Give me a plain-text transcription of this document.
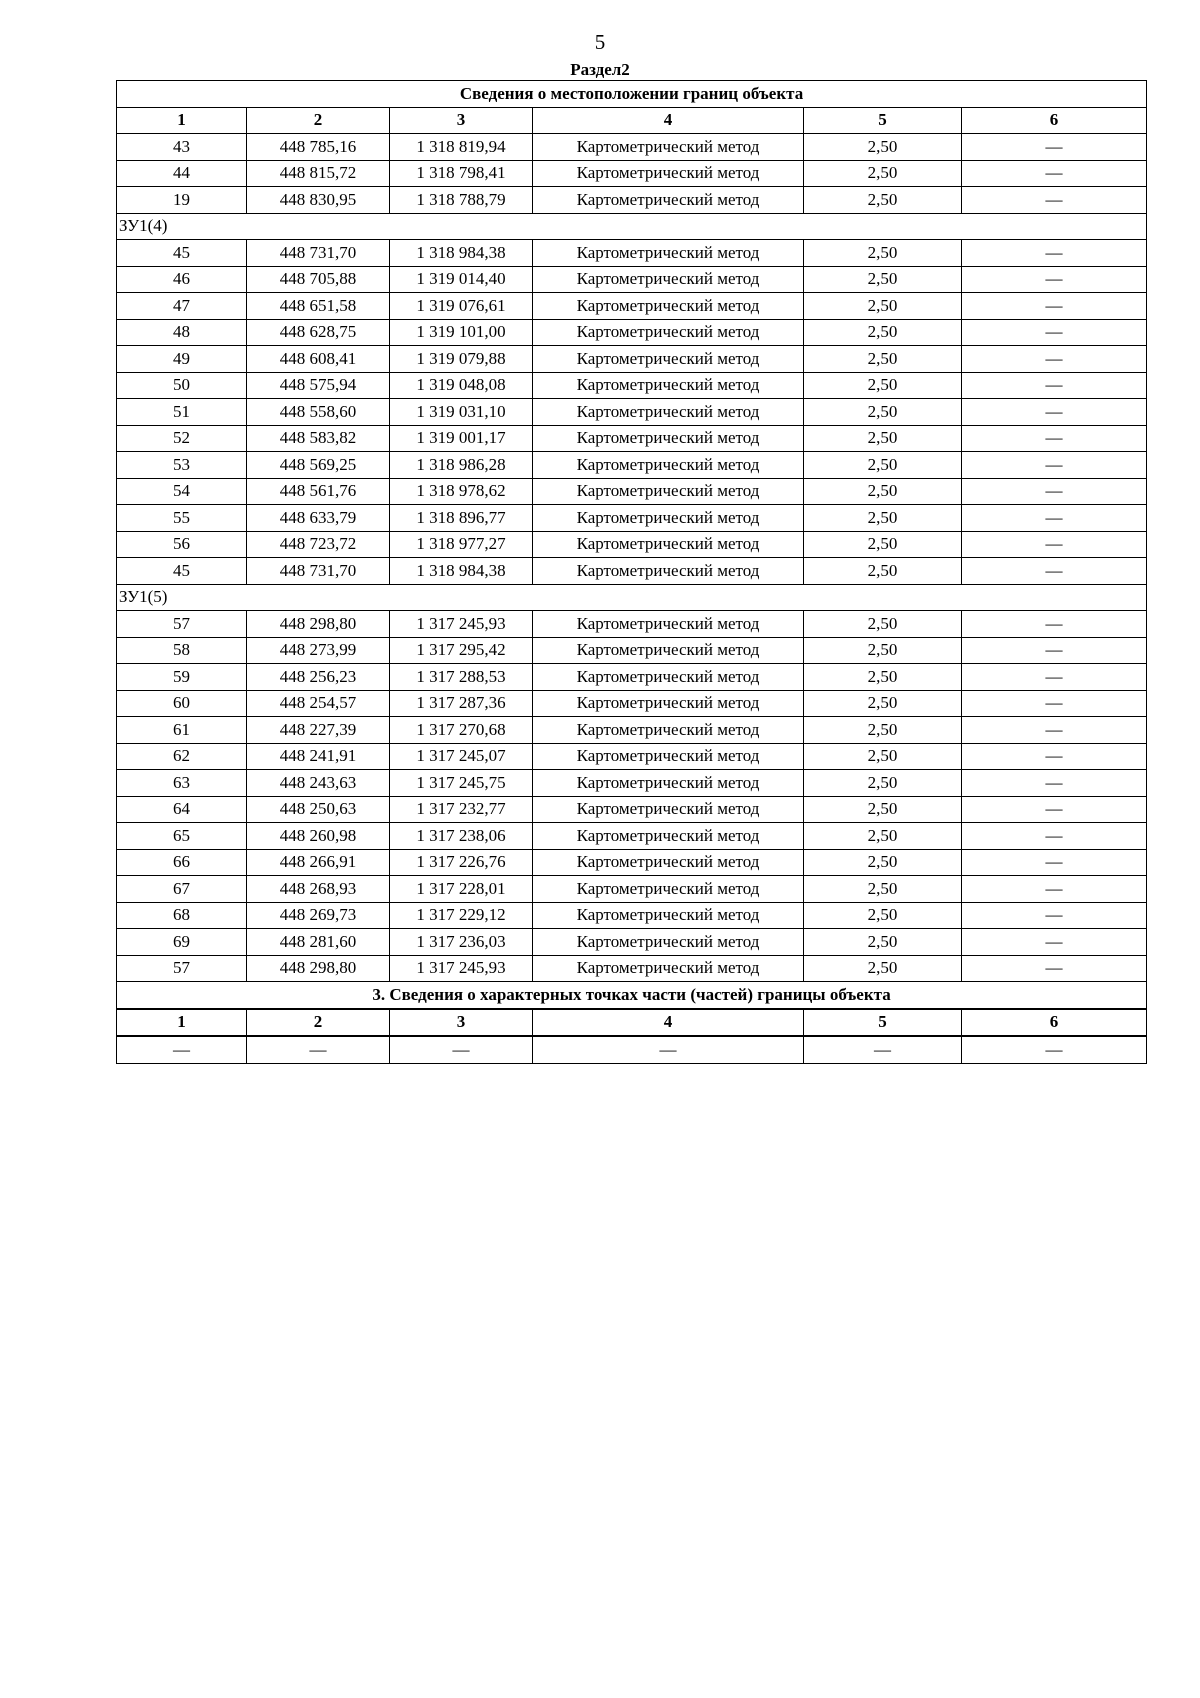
5
Раздел2
Сведения о местоположении границ объекта					
1	2	3	4	5	6
43	448 785,16	1 318 819,94	Картометрический метод	2,50	—
44	448 815,72	1 318 798,41	Картометрический метод	2,50	—
19	448 830,95	1 318 788,79	Картометрический метод	2,50	—
ЗУ1(4)					
45	448 731,70	1 318 984,38	Картометрический метод	2,50	—
46	448 705,88	1 319 014,40	Картометрический метод	2,50	—
47	448 651,58	1 319 076,61	Картометрический метод	2,50	—
48	448 628,75	1 319 101,00	Картометрический метод	2,50	—
49	448 608,41	1 319 079,88	Картометрический метод	2,50	—
50	448 575,94	1 319 048,08	Картометрический метод	2,50	—
51	448 558,60	1 319 031,10	Картометрический метод	2,50	—
52	448 583,82	1 319 001,17	Картометрический метод	2,50	—
53	448 569,25	1 318 986,28	Картометрический метод	2,50	—
54	448 561,76	1 318 978,62	Картометрический метод	2,50	—
55	448 633,79	1 318 896,77	Картометрический метод	2,50	—
56	448 723,72	1 318 977,27	Картометрический метод	2,50	—
45	448 731,70	1 318 984,38	Картометрический метод	2,50	—
ЗУ1(5)					
57	448 298,80	1 317 245,93	Картометрический метод	2,50	—
58	448 273,99	1 317 295,42	Картометрический метод	2,50	—
59	448 256,23	1 317 288,53	Картометрический метод	2,50	—
60	448 254,57	1 317 287,36	Картометрический метод	2,50	—
61	448 227,39	1 317 270,68	Картометрический метод	2,50	—
62	448 241,91	1 317 245,07	Картометрический метод	2,50	—
63	448 243,63	1 317 245,75	Картометрический метод	2,50	—
64	448 250,63	1 317 232,77	Картометрический метод	2,50	—
65	448 260,98	1 317 238,06	Картометрический метод	2,50	—
66	448 266,91	1 317 226,76	Картометрический метод	2,50	—
67	448 268,93	1 317 228,01	Картометрический метод	2,50	—
68	448 269,73	1 317 229,12	Картометрический метод	2,50	—
69	448 281,60	1 317 236,03	Картометрический метод	2,50	—
57	448 298,80	1 317 245,93	Картометрический метод	2,50	—
3. Сведения о характерных точках части (частей) границы объекта					
1	2	3	4	5	6
—	—	—	—	—	—
